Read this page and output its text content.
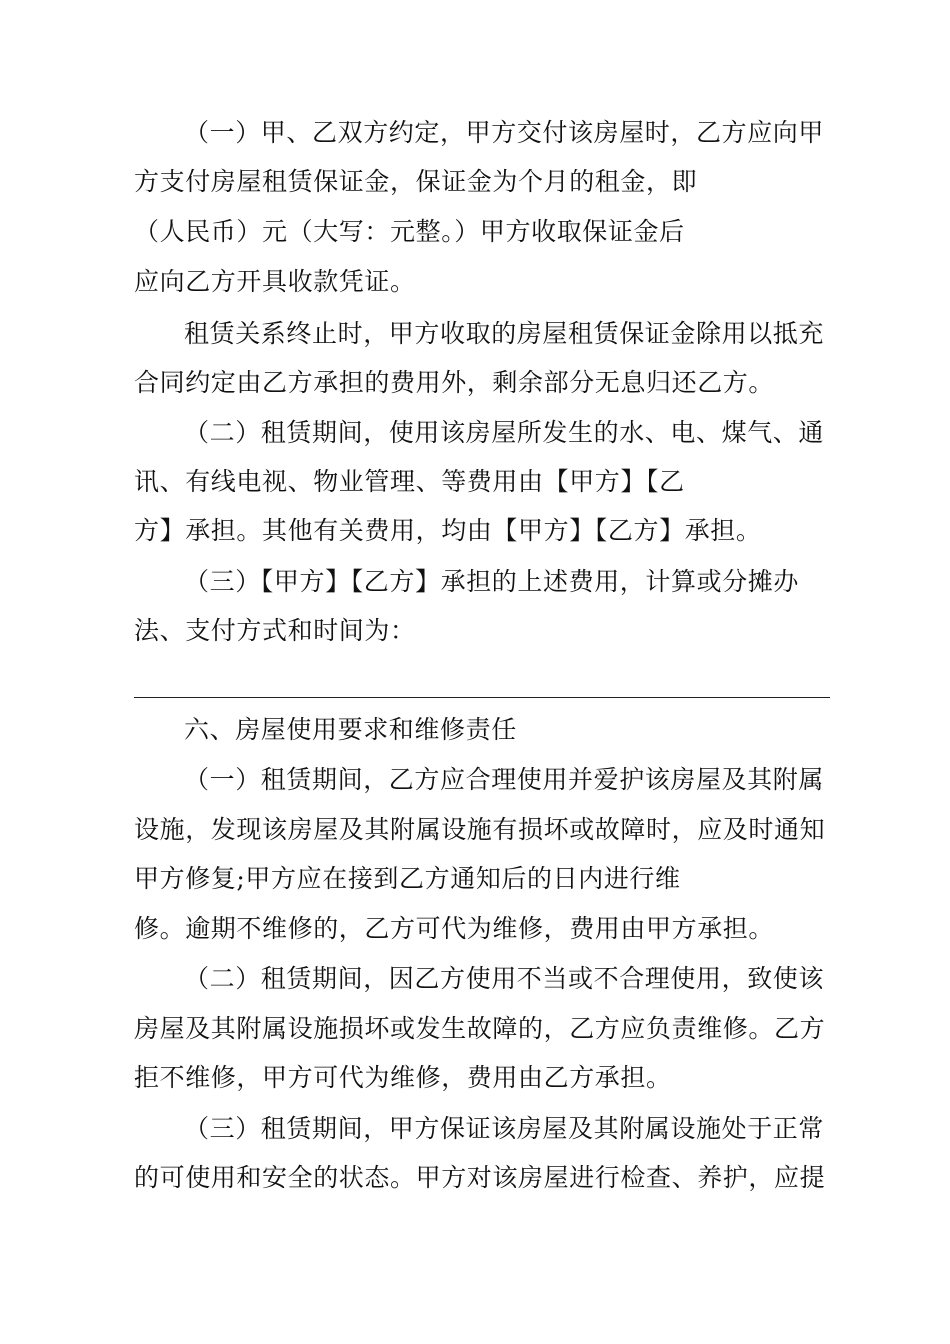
（一）甲、乙双方约定，甲方交付该房屋时，乙方应向甲
方支付房屋租赁保证金，保证金为个月的租金，即
（人民币）元（大写：元整。）甲方收取保证金后
应向乙方开具收款凭证。
租赁关系终止时，甲方收取的房屋租赁保证金除用以抵充
合同约定由乙方承担的费用外，剩余部分无息归还乙方。
（二）租赁期间，使用该房屋所发生的水、电、煤气、通
讯、有线电视、物业管理、等费用由【甲方】【乙
方】承担。其他有关费用，均由【甲方】【乙方】承担。
（三）【甲方】【乙方】承担的上述费用，计算或分摊办
法、支付方式和时间为：
六、房屋使用要求和维修责任
（一）租赁期间，乙方应合理使用并爱护该房屋及其附属
设施，发现该房屋及其附属设施有损坏或故障时，应及时通知
甲方修复;甲方应在接到乙方通知后的日内进行维
修。逾期不维修的，乙方可代为维修，费用由甲方承担。
（二）租赁期间，因乙方使用不当或不合理使用，致使该
房屋及其附属设施损坏或发生故障的，乙方应负责维修。乙方
拒不维修，甲方可代为维修，费用由乙方承担。
（三）租赁期间，甲方保证该房屋及其附属设施处于正常
的可使用和安全的状态。甲方对该房屋进行检查、养护，应提
